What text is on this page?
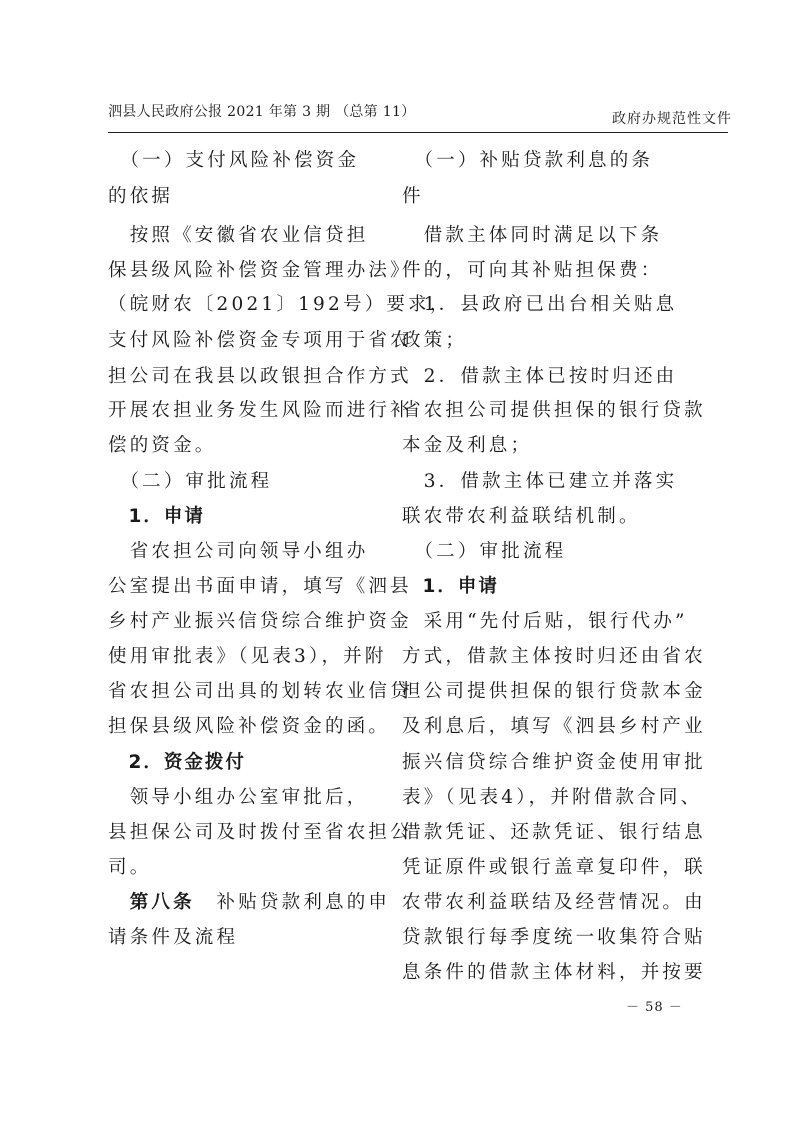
泗县人民政府公报 2021 年第 3 期 （总第 11）	政府办规范性文件
　（一）支付风险补偿资金
的依据
　按照《安徽省农业信贷担
保县级风险补偿资金管理办法》
（皖财农〔2021〕192号）要求，
支付风险补偿资金专项用于省农
担公司在我县以政银担合作方式
开展农担业务发生风险而进行补
偿的资金。
　（二）审批流程
　1．申请
　省农担公司向领导小组办
公室提出书面申请，填写《泗县
乡村产业振兴信贷综合维护资金
使用审批表》（见表3），并附
省农担公司出具的划转农业信贷
担保县级风险补偿资金的函。
　2．资金拨付
　领导小组办公室审批后，
县担保公司及时拨付至省农担公
司。
　第八条　 补贴贷款利息的申
请条件及流程
　（一）补贴贷款利息的条
件
　借款主体同时满足以下条
件的，可向其补贴担保费：
　1．县政府已出台相关贴息
政策；
　2．借款主体已按时归还由
省农担公司提供担保的银行贷款
本金及利息；
　3．借款主体已建立并落实
联农带农利益联结机制。
　（二）审批流程
　1．申请
　采用“先付后贴，银行代办”
方式，借款主体按时归还由省农
担公司提供担保的银行贷款本金
及利息后，填写《泗县乡村产业
振兴信贷综合维护资金使用审批
表》（见表4），并附借款合同、
借款凭证、还款凭证、银行结息
凭证原件或银行盖章复印件，联
农带农利益联结及经营情况。由
贷款银行每季度统一收集符合贴
息条件的借款主体材料，并按要
－ 58 －
